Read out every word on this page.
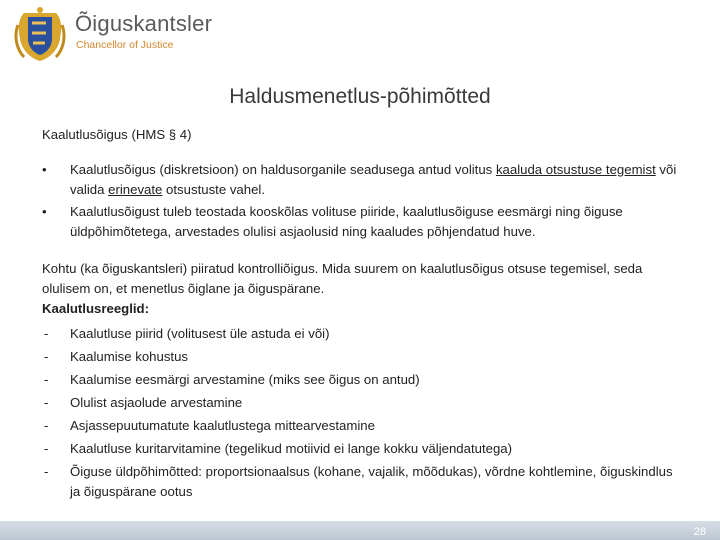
Õiguskantsler
Chancellor of Justice
Haldusmenetlus-põhimõtted
Kaalutlusõigus (HMS § 4)
• Kaalutlusõigus (diskretsioon) on haldusorganile seadusega antud volitus kaaluda otsustuse tegemist või valida erinevate otsustuste vahel.
• Kaalutlusõigust tuleb teostada kooskõlas volituse piiride, kaalutlusõiguse eesmärgi ning õiguse üldpõhimõtetega, arvestades olulisi asjaolusid ning kaaludes põhjendatud huve.
Kohtu (ka õiguskantsleri) piiratud kontrolliõigus. Mida suurem on kaalutlusõigus otsuse tegemisel, seda olulisem on, et menetlus õiglane ja õiguspärane.
Kaalutlusreeglid:
- Kaalutluse piirid (volitusest üle astuda ei või)
- Kaalumise kohustus
- Kaalumise eesmärgi arvestamine (miks see õigus on antud)
- Olulist asjaolude arvestamine
- Asjassepuutumatute kaalutlustega mittearvestamine
- Kaalutluse kuritarvitamine (tegelikud motiivid ei lange kokku väljendatutega)
- Õiguse üldpõhimõtted: proportsionaalsus (kohane, vajalik, mõõdukas), võrdne kohtlemine, õiguskindlus ja õiguspärane ootus
28
